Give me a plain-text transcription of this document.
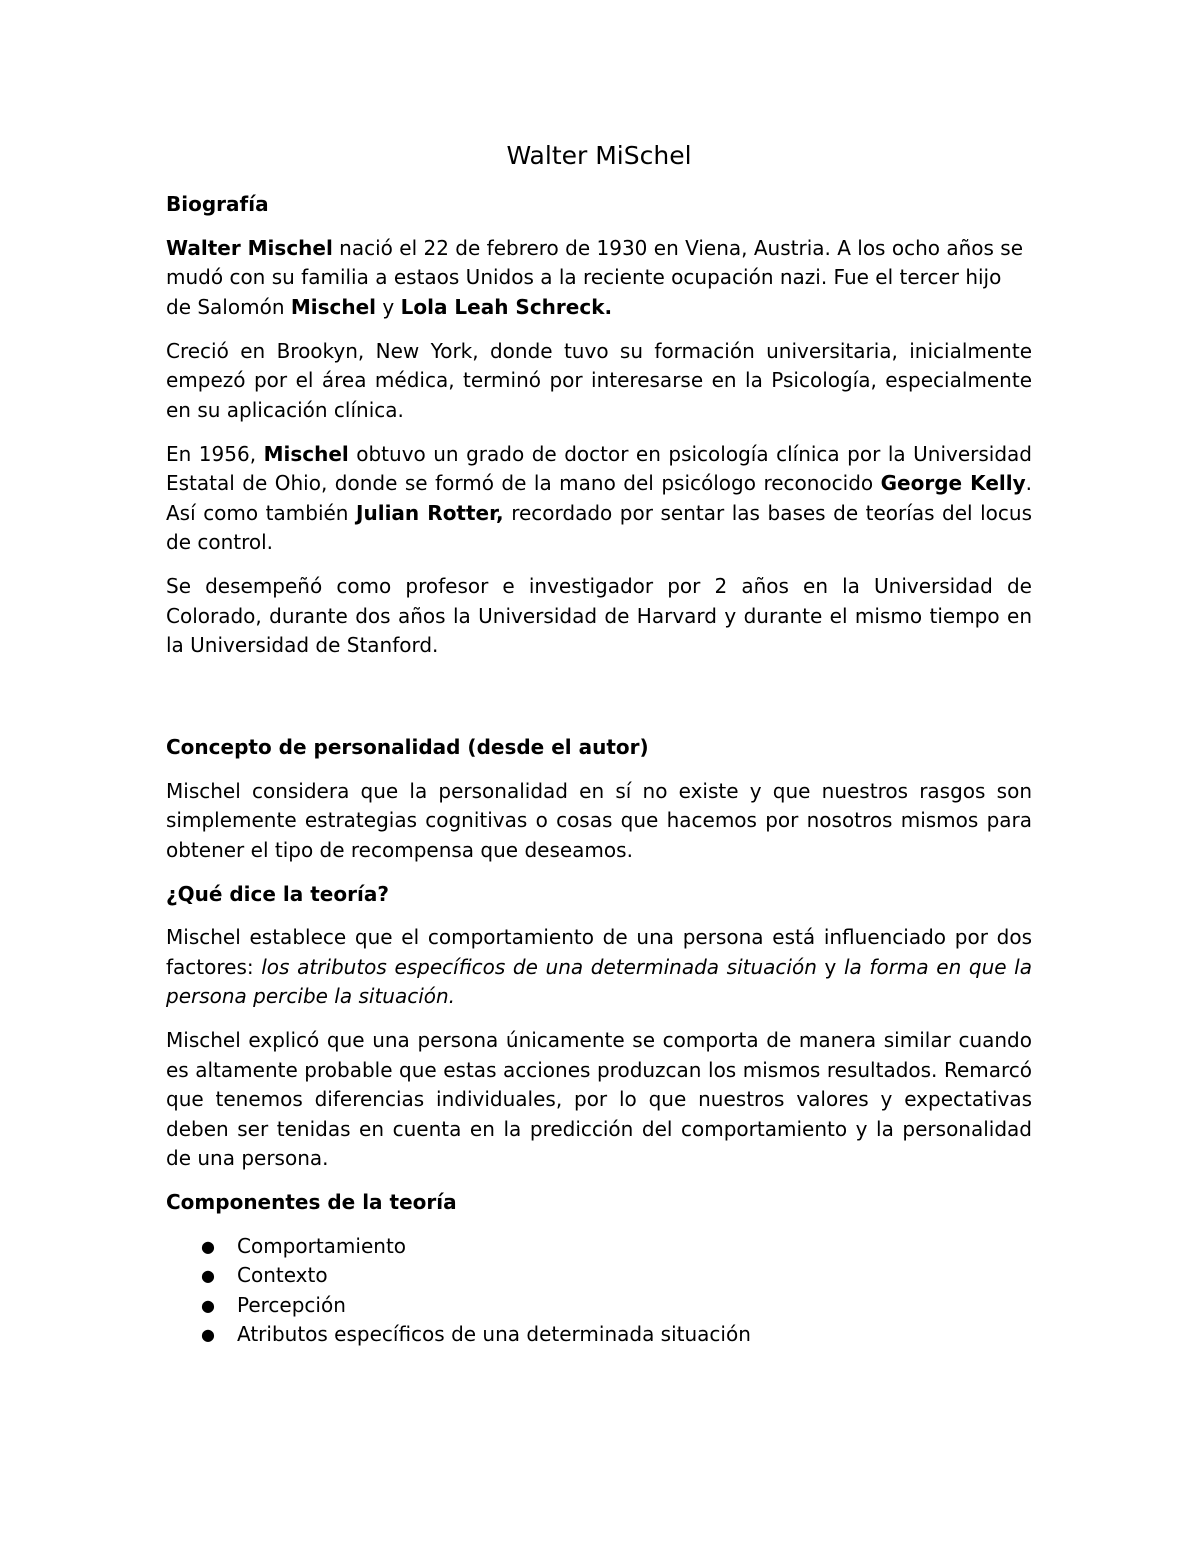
Walter MiSchel
Biografía

Walter Mischel nació el 22 de febrero de 1930 en Viena, Austria. A los ocho años se mudó con su familia a estaos Unidos a la reciente ocupación nazi. Fue el tercer hijo de Salomón Mischel y Lola Leah Schreck.

Creció en Brookyn, New York, donde tuvo su formación universitaria, inicialmente empezó por el área médica, terminó por interesarse en la Psicología, especialmente en su aplicación clínica.

En 1956, Mischel obtuvo un grado de doctor en psicología clínica por la Universidad Estatal de Ohio, donde se formó de la mano del psicólogo reconocido George Kelly. Así como también Julian Rotter, recordado por sentar las bases de teorías del locus de control.

Se desempeñó como profesor e investigador por 2 años en la Universidad de Colorado, durante dos años la Universidad de Harvard y durante el mismo tiempo en la Universidad de Stanford.

Concepto de personalidad (desde el autor)

Mischel considera que la personalidad en sí no existe y que nuestros rasgos son simplemente estrategias cognitivas o cosas que hacemos por nosotros mismos para obtener el tipo de recompensa que deseamos.

¿Qué dice la teoría?

Mischel establece que el comportamiento de una persona está influenciado por dos factores: los atributos específicos de una determinada situación y la forma en que la persona percibe la situación.

Mischel explicó que una persona únicamente se comporta de manera similar cuando es altamente probable que estas acciones produzcan los mismos resultados. Remarcó que tenemos diferencias individuales, por lo que nuestros valores y expectativas deben ser tenidas en cuenta en la predicción del comportamiento y la personalidad de una persona.

Componentes de la teoría
● Comportamiento
● Contexto
● Percepción
● Atributos específicos de una determinada situación
